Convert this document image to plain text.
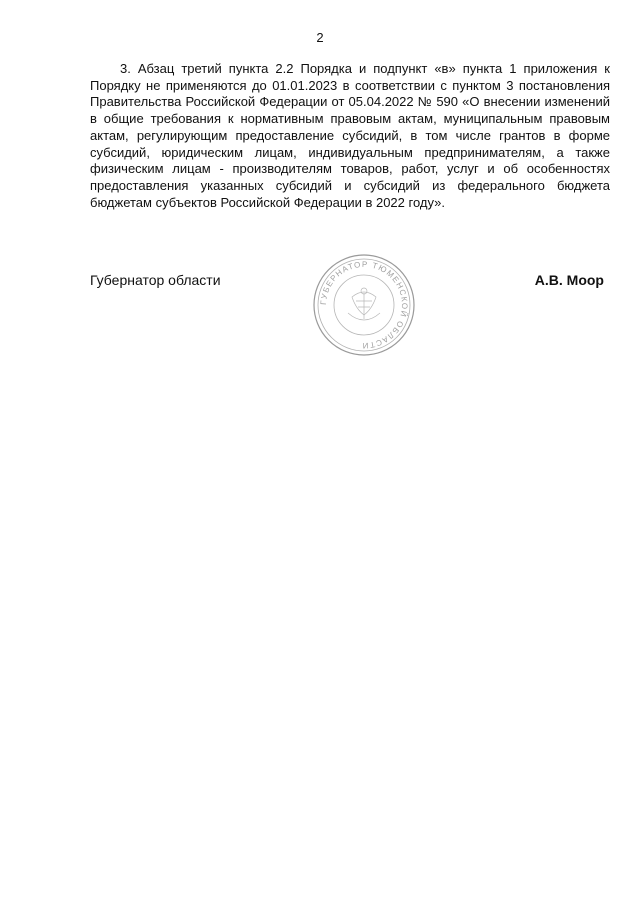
2

3. Абзац третий пункта 2.2 Порядка и подпункт «в» пункта 1 приложения к Порядку не применяются до 01.01.2023 в соответствии с пунктом 3 постановления Правительства Российской Федерации от 05.04.2022 № 590 «О внесении изменений в общие требования к нормативным правовым актам, муниципальным правовым актам, регулирующим предоставление субсидий, в том числе грантов в форме субсидий, юридическим лицам, индивидуальным предпринимателям, а также физическим лицам - производителям товаров, работ, услуг и об особенностях предоставления указанных субсидий и субсидий из федерального бюджета бюджетам субъектов Российской Федерации в 2022 году».

ГУБЕРНАТОР ТЮМЕНСКОЙ ОБЛАСТИ
Губернатор области	А.В. Моор
